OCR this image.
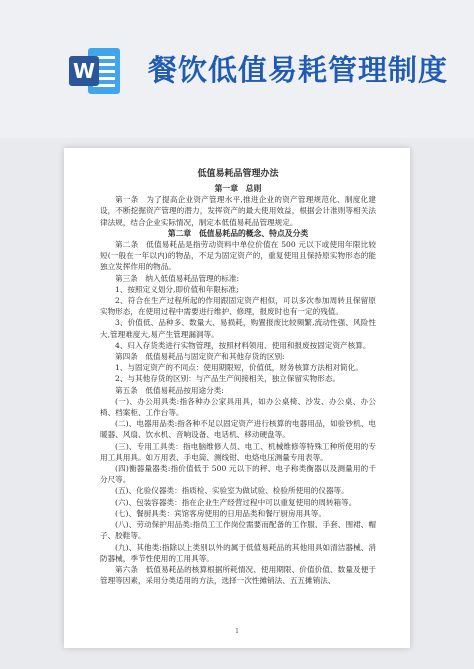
W 餐饮低值易耗管理制度
低值易耗品管理办法
第一章　总则

第一条　为了提高企业资产管理水平,推进企业的资产管理规范化、制度化建设，不断挖掘资产管理的潜力，发挥资产的最大使用效益，根据会计准则等相关法律法规，结合企业实际情况，制定本低值易耗品管理规定。

第二章　低值易耗品的概念、特点及分类

第二条　低值易耗品是指劳动资料中单位价值在 500 元以下或使用年限比较短(一般在一年以内)的物品，不足为固定资产的，重复使用且保持原实物形态的能独立发挥作用的物品。

第三条　纳入低值易耗品管理的标准:

1、按照定义划分,即价值和年限标准;

2、符合在生产过程所起的作用跟固定资产相似，可以多次参加周转且保留原实物形态，在使用过程中需要进行维护、修理，报废时也有一定的残值。

3、价值低、品种多、数量大、易损耗，购置报废比较频繁,流动性强、风险性大,管理难度大,易产生管理漏洞等。

4、归入存货类进行实物管理，按照材料领用、使用和报废按固定资产核算。

第四条　低值易耗品与固定资产和其他存货的区别:

1、与固定资产的不同点：使用期限短，价值低，财务核算方法相对简化。

2、与其他存货的区别：与产品生产间接相关，独立保留实物形态。

第五条　低值易耗品按用途分类:

(一)、办公用具类:指各种办公家具用具，如办公桌椅、沙发、办公桌、办公椅、档案柜、工作台等。

(二)、电器用品类:指各种不足以固定资产进行核算的电器用品，如验钞机、电暖器、风扇、饮水机、音响设备、电话机、移动硬盘等。

(三)、专用工具类：指电脑维修人员、电工、机械维修等特殊工种所使用的专用工具用具。如万用表、手电筒、测线钳、电烙电压测量专用表等。

(四)衡器量器类:指价值低于 500 元以下的秤、电子称类衡器以及测量用的千分尺等。

(五)、化验仪器类：指质检、实验室为做试验、检验所使用的仪器等。

(六)、包装容器类：指在企业生产经营过程中可以重复使用的周转箱等。

(七)、餐厨具类：宾馆客房使用的日用品类和餐厅厨房用具等。

(八)、劳动保护用品类:指员工工作岗位需要而配备的工作服、手套、围裙、帽子、胶鞋等。

(九)、其他类:指除以上类别以外的属于低值易耗品的其他用具如清洁器械、消防器械，季节性使用的工用具等。

第六条　低值易耗品的核算根据所耗情况、使用期限、价值价值、数量及便于管理等因素，采用分类适用的方法，选择一次性摊销法、五五摊销法、

1
